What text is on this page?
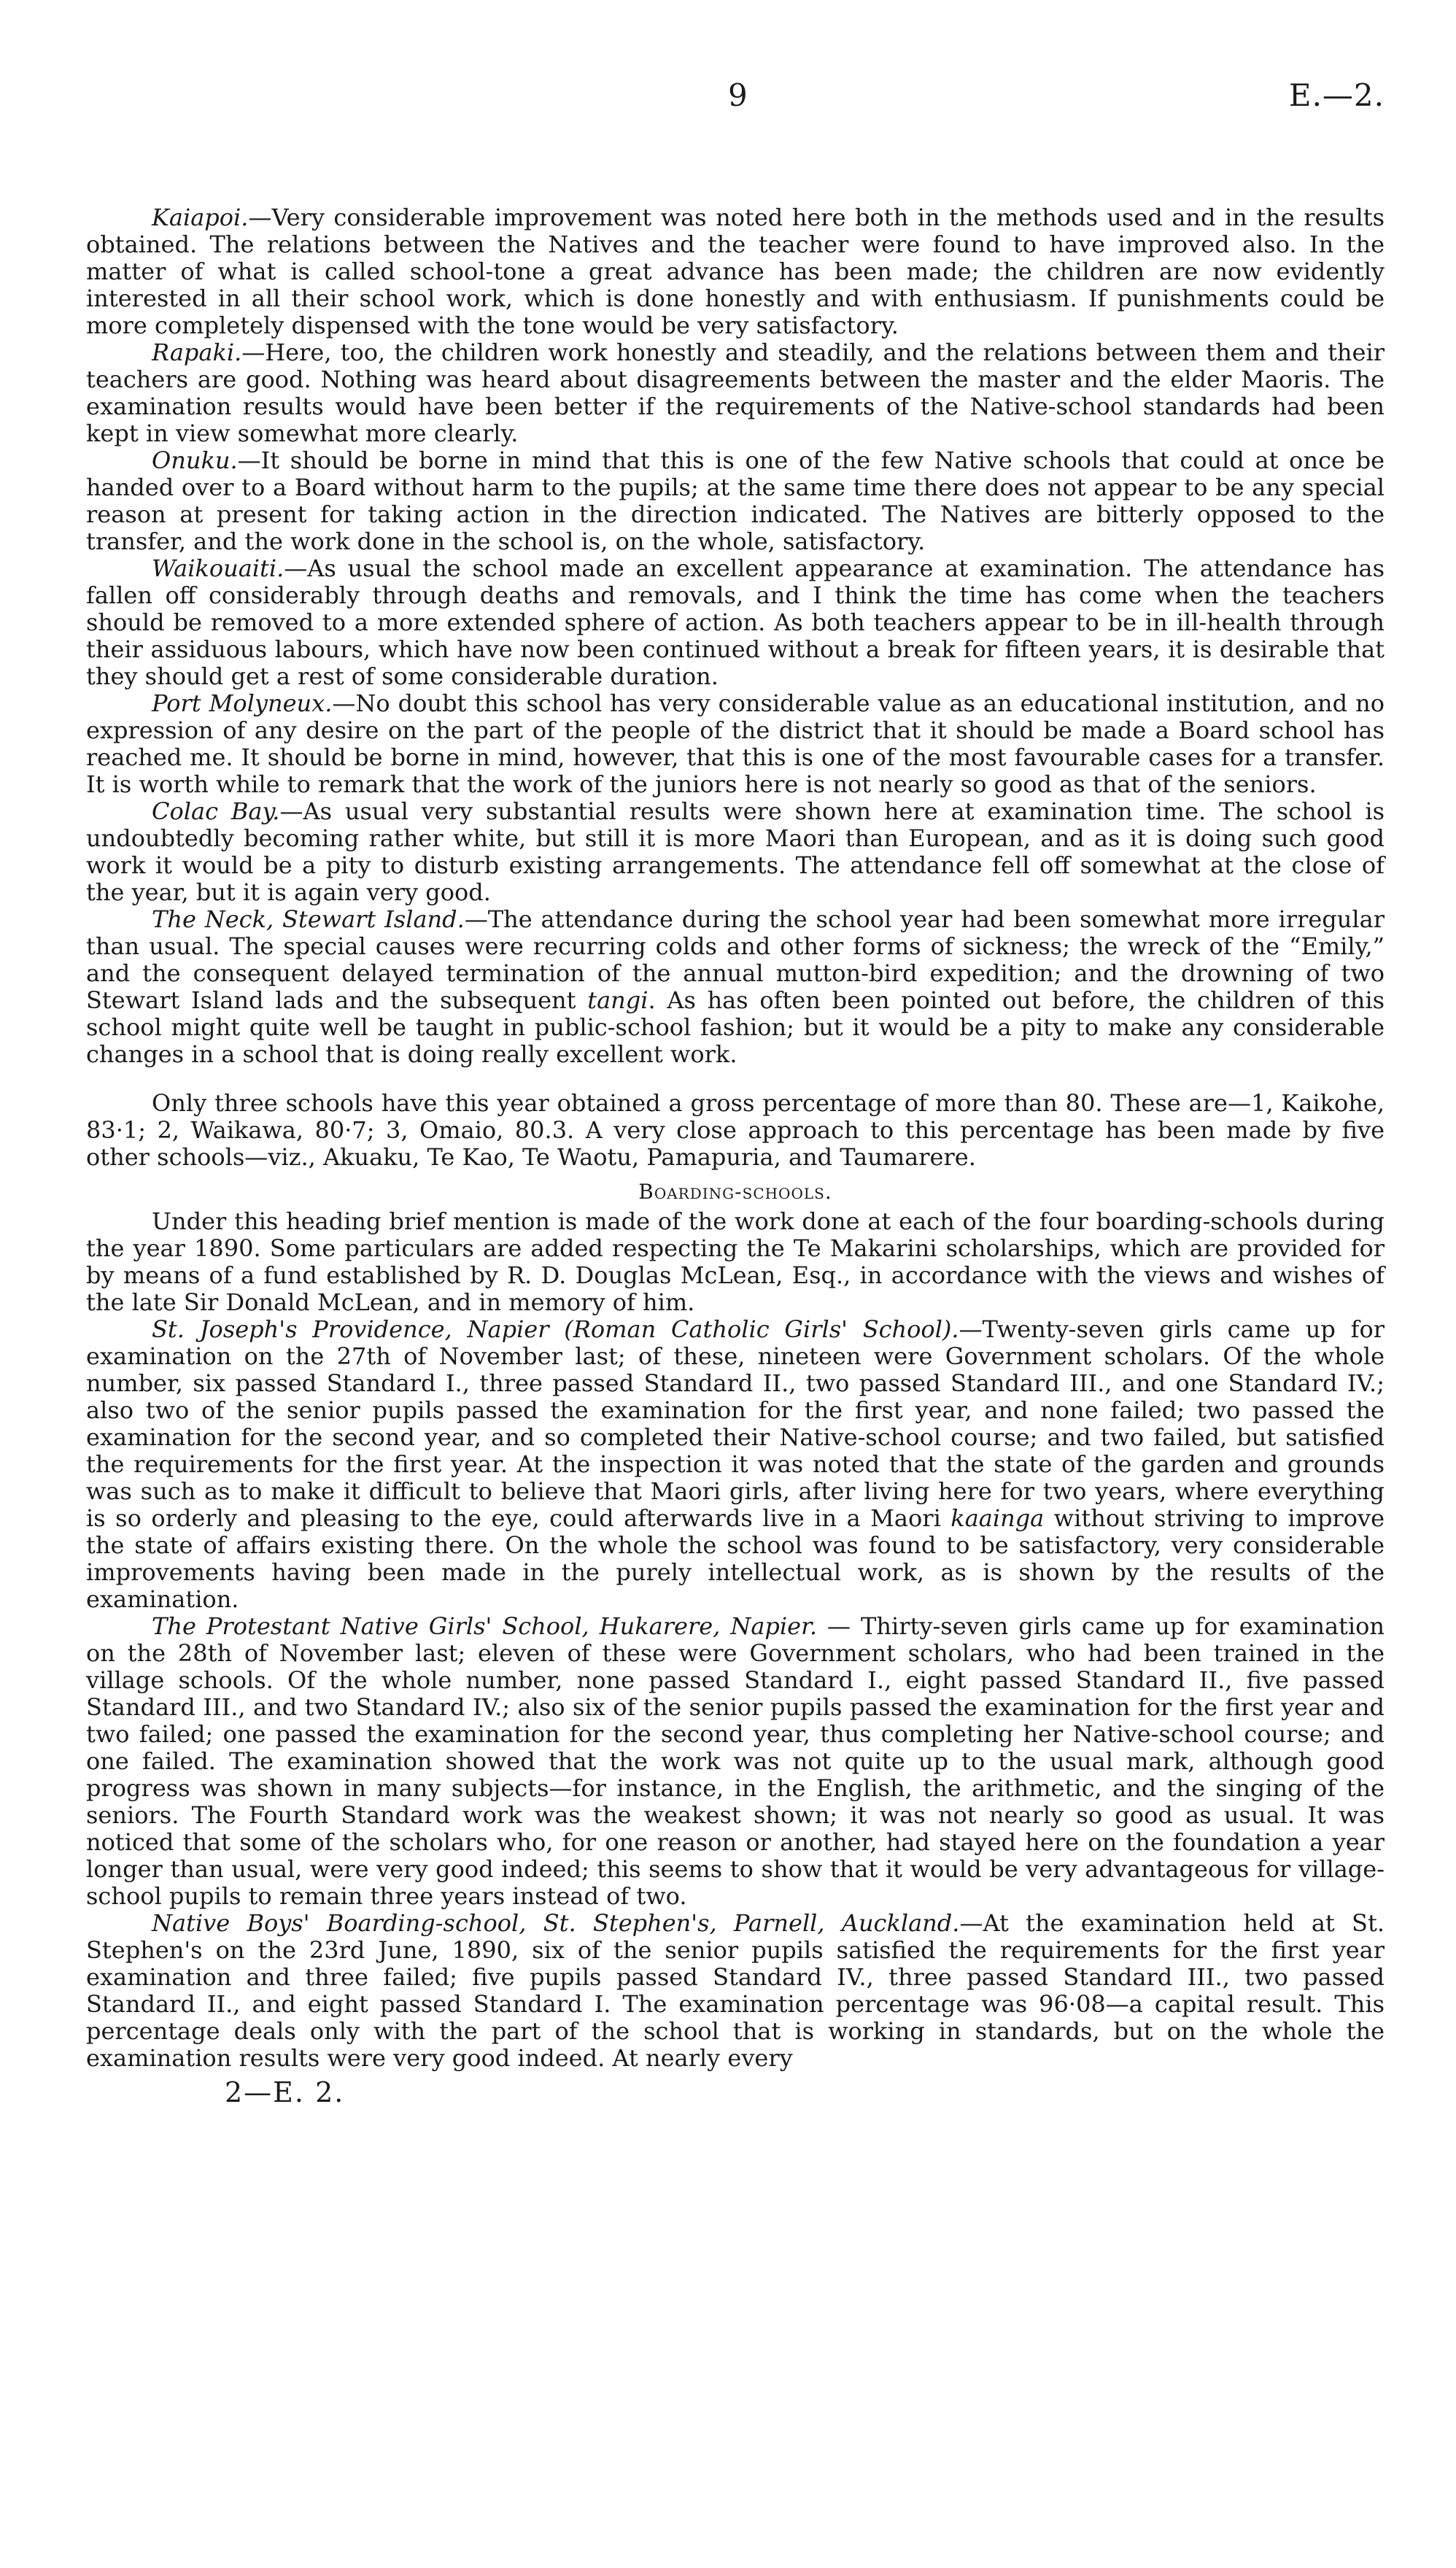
9	E.—2.

Kaiapoi.—Very considerable improvement was noted here both in the methods used and in the results obtained. The relations between the Natives and the teacher were found to have improved also. In the matter of what is called school-tone a great advance has been made; the children are now evidently interested in all their school work, which is done honestly and with enthusiasm. If punishments could be more completely dispensed with the tone would be very satisfactory.

Rapaki.—Here, too, the children work honestly and steadily, and the relations between them and their teachers are good. Nothing was heard about disagreements between the master and the elder Maoris. The examination results would have been better if the requirements of the Native-school standards had been kept in view somewhat more clearly.

Onuku.—It should be borne in mind that this is one of the few Native schools that could at once be handed over to a Board without harm to the pupils; at the same time there does not appear to be any special reason at present for taking action in the direction indicated. The Natives are bitterly opposed to the transfer, and the work done in the school is, on the whole, satisfactory.

Waikouaiti.—As usual the school made an excellent appearance at examination. The attendance has fallen off considerably through deaths and removals, and I think the time has come when the teachers should be removed to a more extended sphere of action. As both teachers appear to be in ill-health through their assiduous labours, which have now been continued without a break for fifteen years, it is desirable that they should get a rest of some considerable duration.

Port Molyneux.—No doubt this school has very considerable value as an educational institution, and no expression of any desire on the part of the people of the district that it should be made a Board school has reached me. It should be borne in mind, however, that this is one of the most favourable cases for a transfer. It is worth while to remark that the work of the juniors here is not nearly so good as that of the seniors.

Colac Bay.—As usual very substantial results were shown here at examination time. The school is undoubtedly becoming rather white, but still it is more Maori than European, and as it is doing such good work it would be a pity to disturb existing arrangements. The attendance fell off somewhat at the close of the year, but it is again very good.

The Neck, Stewart Island.—The attendance during the school year had been somewhat more irregular than usual. The special causes were recurring colds and other forms of sickness; the wreck of the “Emily,” and the consequent delayed termination of the annual mutton-bird expedition; and the drowning of two Stewart Island lads and the subsequent tangi. As has often been pointed out before, the children of this school might quite well be taught in public-school fashion; but it would be a pity to make any considerable changes in a school that is doing really excellent work.

Only three schools have this year obtained a gross percentage of more than 80. These are—1, Kaikohe, 83·1; 2, Waikawa, 80·7; 3, Omaio, 80.3. A very close approach to this percentage has been made by five other schools—viz., Akuaku, Te Kao, Te Waotu, Pamapuria, and Taumarere.

Boarding-schools.

Under this heading brief mention is made of the work done at each of the four boarding-schools during the year 1890. Some particulars are added respecting the Te Makarini scholarships, which are provided for by means of a fund established by R. D. Douglas McLean, Esq., in accordance with the views and wishes of the late Sir Donald McLean, and in memory of him.

St. Joseph's Providence, Napier (Roman Catholic Girls' School).—Twenty-seven girls came up for examination on the 27th of November last; of these, nineteen were Government scholars. Of the whole number, six passed Standard I., three passed Standard II., two passed Standard III., and one Standard IV.; also two of the senior pupils passed the examination for the first year, and none failed; two passed the examination for the second year, and so completed their Native-school course; and two failed, but satisfied the requirements for the first year. At the inspection it was noted that the state of the garden and grounds was such as to make it difficult to believe that Maori girls, after living here for two years, where everything is so orderly and pleasing to the eye, could afterwards live in a Maori kaainga without striving to improve the state of affairs existing there. On the whole the school was found to be satisfactory, very considerable improvements having been made in the purely intellectual work, as is shown by the results of the examination.

The Protestant Native Girls' School, Hukarere, Napier. — Thirty-seven girls came up for examination on the 28th of November last; eleven of these were Government scholars, who had been trained in the village schools. Of the whole number, none passed Standard I., eight passed Standard II., five passed Standard III., and two Standard IV.; also six of the senior pupils passed the examination for the first year and two failed; one passed the examination for the second year, thus completing her Native-school course; and one failed. The examination showed that the work was not quite up to the usual mark, although good progress was shown in many subjects—for instance, in the English, the arithmetic, and the singing of the seniors. The Fourth Standard work was the weakest shown; it was not nearly so good as usual. It was noticed that some of the scholars who, for one reason or another, had stayed here on the foundation a year longer than usual, were very good indeed; this seems to show that it would be very advantageous for village-school pupils to remain three years instead of two.

Native Boys' Boarding-school, St. Stephen's, Parnell, Auckland.—At the examination held at St. Stephen's on the 23rd June, 1890, six of the senior pupils satisfied the requirements for the first year examination and three failed; five pupils passed Standard IV., three passed Standard III., two passed Standard II., and eight passed Standard I. The examination percentage was 96·08—a capital result. This percentage deals only with the part of the school that is working in standards, but on the whole the examination results were very good indeed. At nearly every

2—E. 2.
